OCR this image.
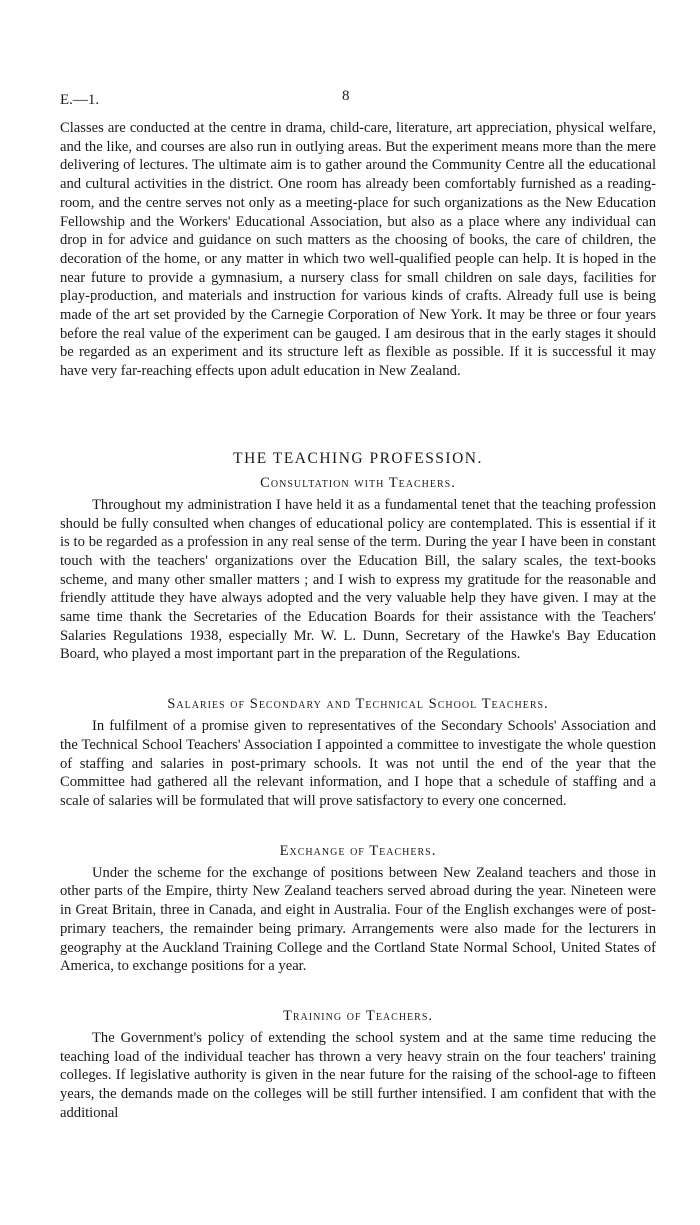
E.—1.	8

Classes are conducted at the centre in drama, child-care, literature, art appreciation, physical welfare, and the like, and courses are also run in outlying areas. But the experiment means more than the mere delivering of lectures. The ultimate aim is to gather around the Community Centre all the educational and cultural activities in the district. One room has already been comfortably furnished as a reading-room, and the centre serves not only as a meeting-place for such organizations as the New Education Fellowship and the Workers' Educational Association, but also as a place where any individual can drop in for advice and guidance on such matters as the choosing of books, the care of children, the decoration of the home, or any matter in which two well-qualified people can help. It is hoped in the near future to provide a gymnasium, a nursery class for small children on sale days, facilities for play-production, and materials and instruction for various kinds of crafts. Already full use is being made of the art set provided by the Carnegie Corporation of New York. It may be three or four years before the real value of the experiment can be gauged. I am desirous that in the early stages it should be regarded as an experiment and its structure left as flexible as possible. If it is successful it may have very far-reaching effects upon adult education in New Zealand.

THE TEACHING PROFESSION.
Consultation with Teachers.

Throughout my administration I have held it as a fundamental tenet that the teaching profession should be fully consulted when changes of educational policy are contemplated. This is essential if it is to be regarded as a profession in any real sense of the term. During the year I have been in constant touch with the teachers' organizations over the Education Bill, the salary scales, the text-books scheme, and many other smaller matters ; and I wish to express my gratitude for the reasonable and friendly attitude they have always adopted and the very valuable help they have given. I may at the same time thank the Secretaries of the Education Boards for their assistance with the Teachers' Salaries Regulations 1938, especially Mr. W. L. Dunn, Secretary of the Hawke's Bay Education Board, who played a most important part in the preparation of the Regulations.

Salaries of Secondary and Technical School Teachers.

In fulfilment of a promise given to representatives of the Secondary Schools' Association and the Technical School Teachers' Association I appointed a committee to investigate the whole question of staffing and salaries in post-primary schools. It was not until the end of the year that the Committee had gathered all the relevant information, and I hope that a schedule of staffing and a scale of salaries will be formulated that will prove satisfactory to every one concerned.

Exchange of Teachers.

Under the scheme for the exchange of positions between New Zealand teachers and those in other parts of the Empire, thirty New Zealand teachers served abroad during the year. Nineteen were in Great Britain, three in Canada, and eight in Australia. Four of the English exchanges were of post-primary teachers, the remainder being primary. Arrangements were also made for the lecturers in geography at the Auckland Training College and the Cortland State Normal School, United States of America, to exchange positions for a year.

Training of Teachers.

The Government's policy of extending the school system and at the same time reducing the teaching load of the individual teacher has thrown a very heavy strain on the four teachers' training colleges. If legislative authority is given in the near future for the raising of the school-age to fifteen years, the demands made on the colleges will be still further intensified. I am confident that with the additional
